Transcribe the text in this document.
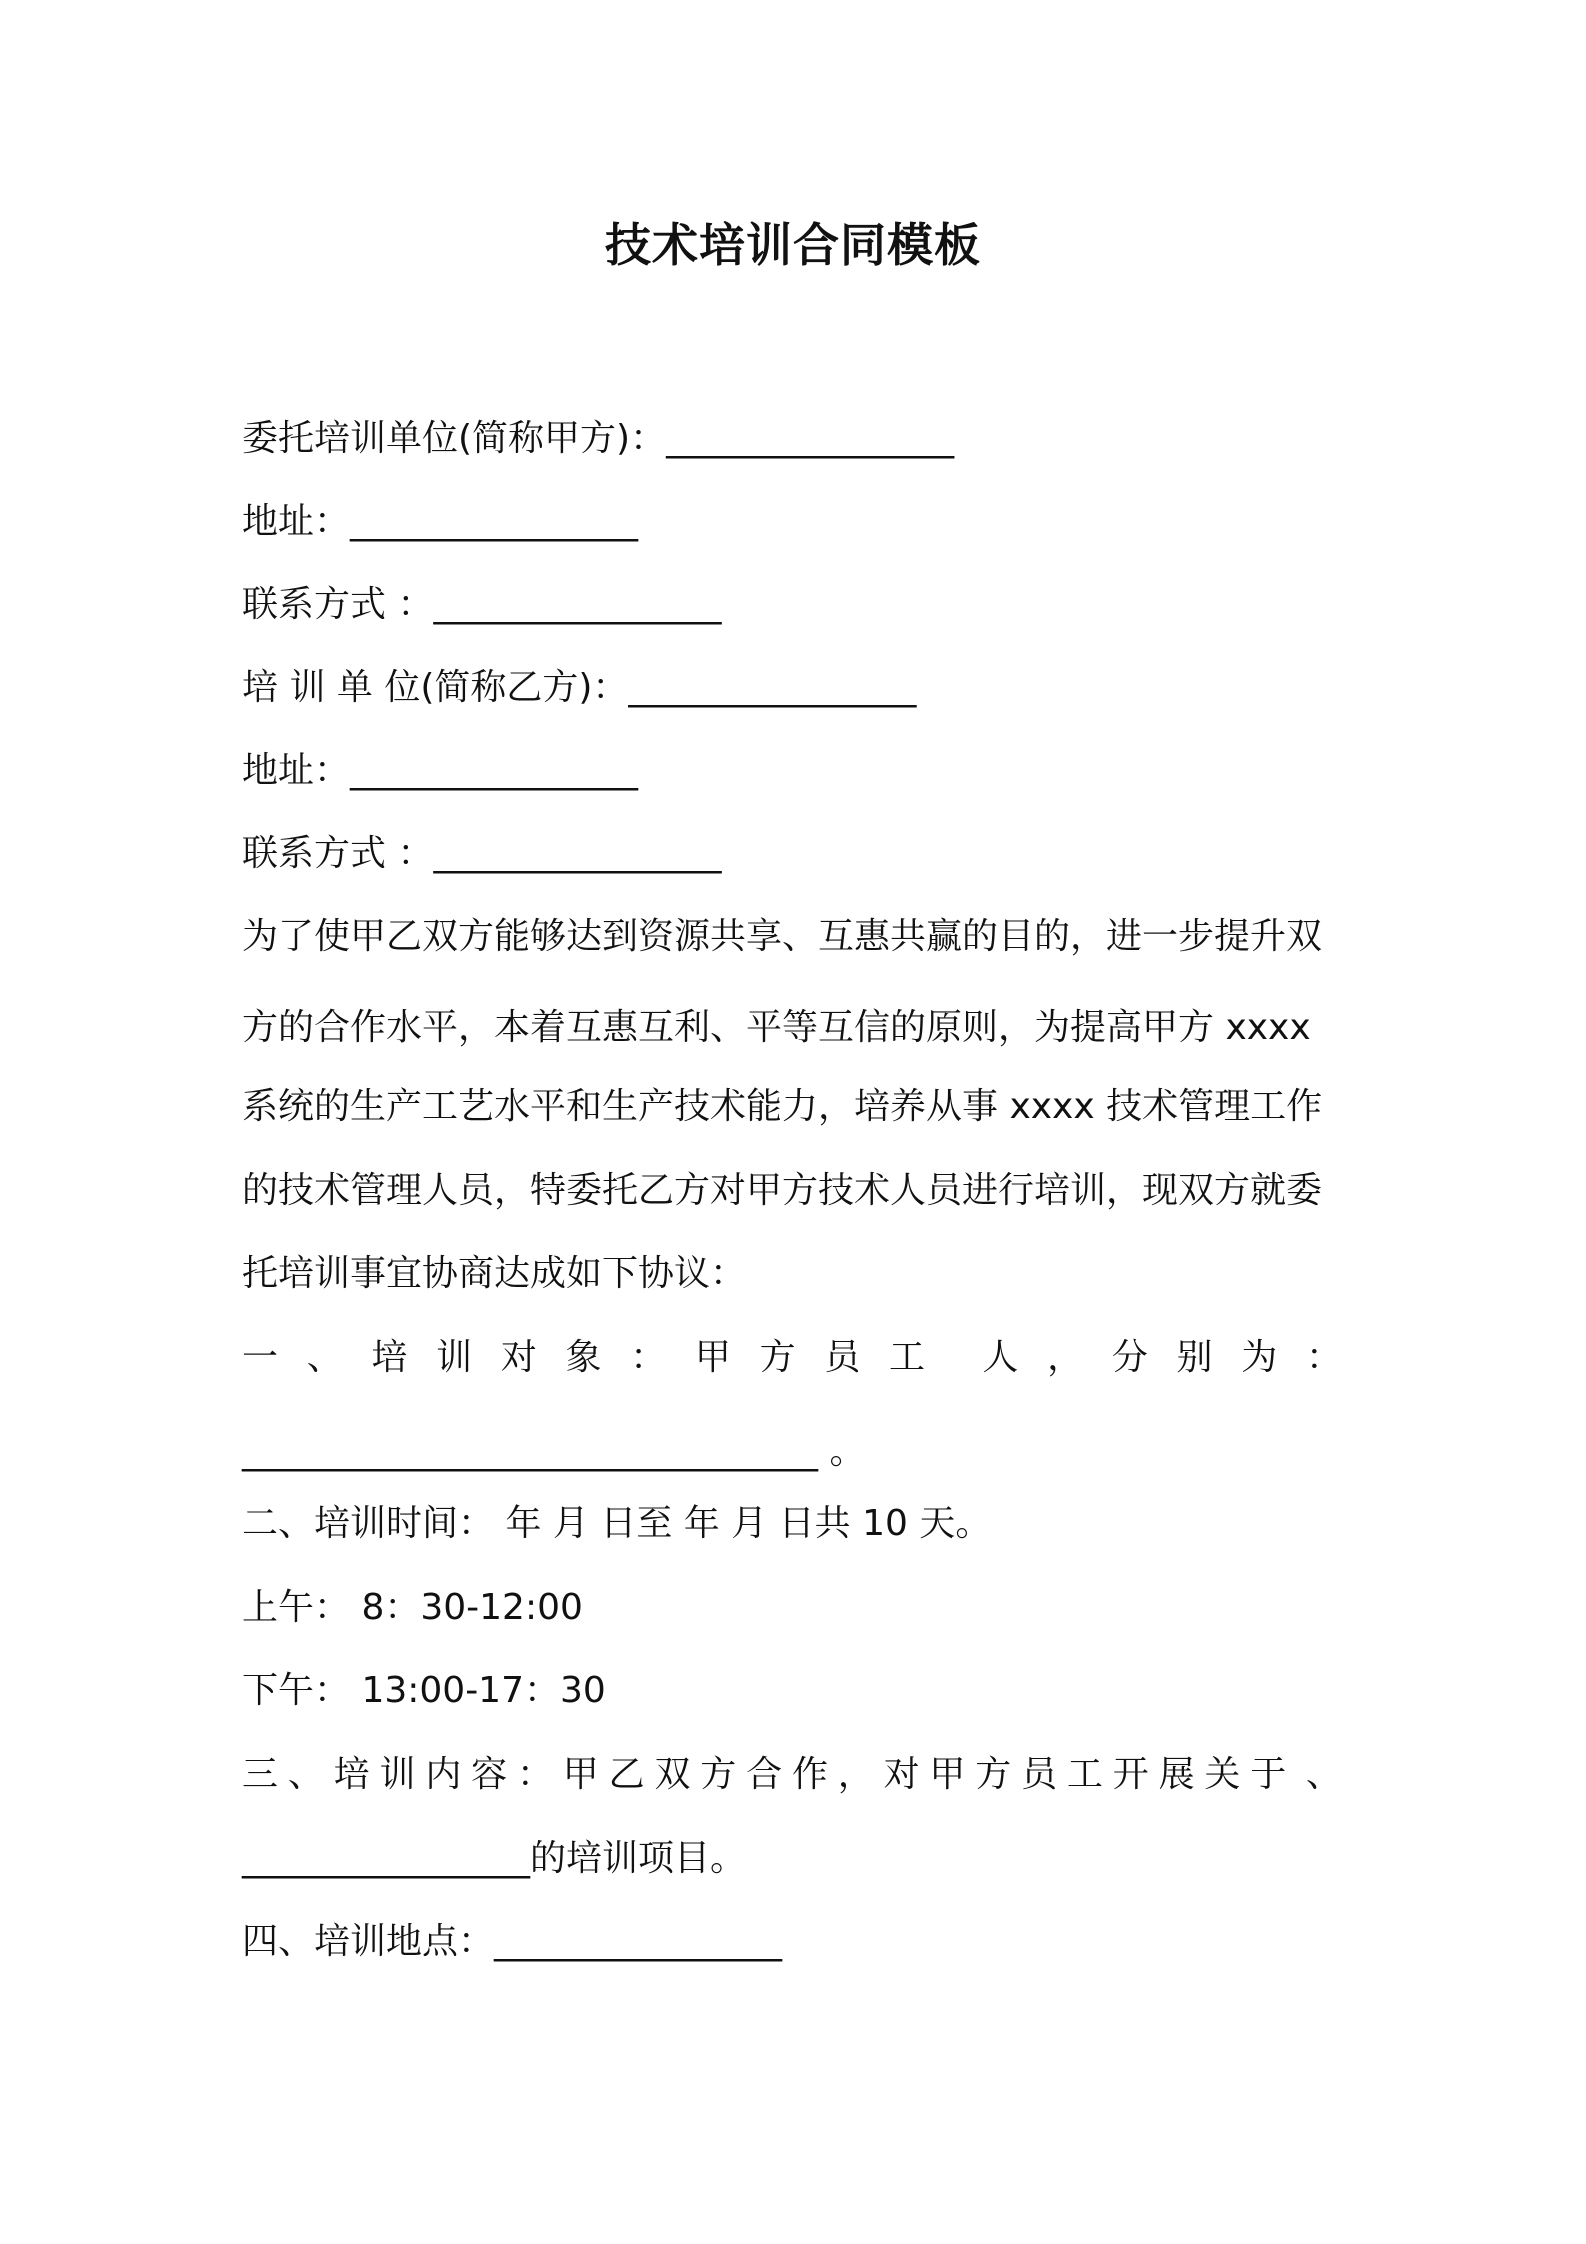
技术培训合同模板
委托培训单位(简称甲方)：________________
地址：________________
联系方式 ：________________
培 训 单 位(简称乙方)：________________
地址：________________
联系方式 ：________________
为了使甲乙双方能够达到资源共享、互惠共赢的目的，进一步提升双
方的合作水平，本着互惠互利、平等互信的原则，为提高甲方 xxxx
系统的生产工艺水平和生产技术能力，培养从事 xxxx 技术管理工作
的技术管理人员，特委托乙方对甲方技术人员进行培训，现双方就委
托培训事宜协商达成如下协议：
一 、 培 训 对 象 ： 甲 方 员 工 人 ， 分 别 为 ：
________________________________ 。
二、培训时间： 年 月 日至 年 月 日共 10 天。
上午： 8：30-12:00
下午： 13:00-17：30
三 、 培 训 内 容 ： 甲 乙 双 方 合 作 ， 对 甲 方 员 工 开 展 关 于 、
________________的培训项目。
四、培训地点：________________
